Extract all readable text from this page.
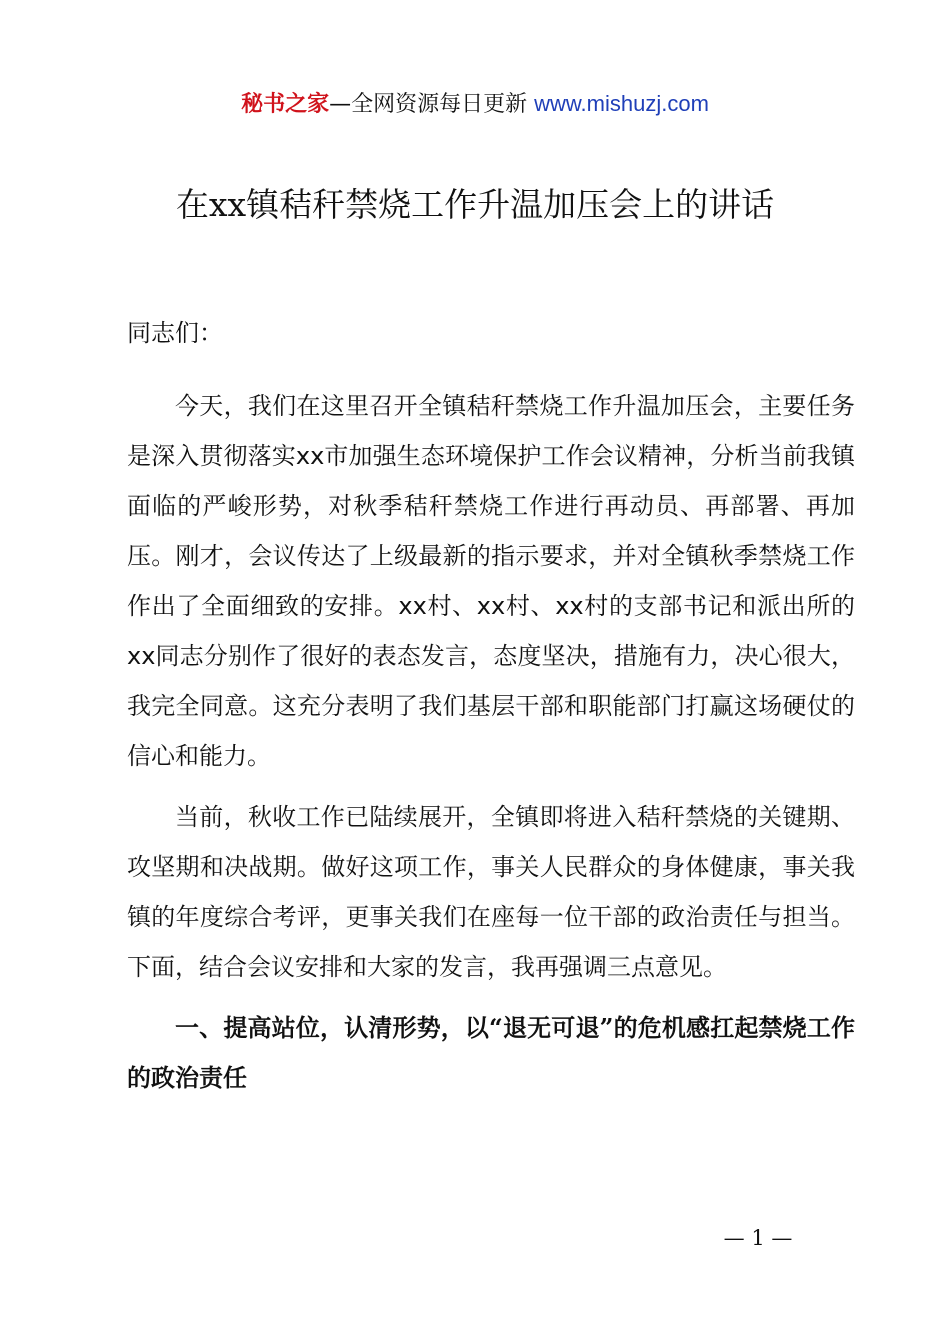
秘书之家—全网资源每日更新 www.mishuzj.com
在xx镇秸秆禁烧工作升温加压会上的讲话

同志们：

今天，我们在这里召开全镇秸秆禁烧工作升温加压会，主要任务是深入贯彻落实xx市加强生态环境保护工作会议精神，分析当前我镇面临的严峻形势，对秋季秸秆禁烧工作进行再动员、再部署、再加压。刚才，会议传达了上级最新的指示要求，并对全镇秋季禁烧工作作出了全面细致的安排。xx村、xx村、xx村的支部书记和派出所的xx同志分别作了很好的表态发言，态度坚决，措施有力，决心很大，我完全同意。这充分表明了我们基层干部和职能部门打赢这场硬仗的信心和能力。

当前，秋收工作已陆续展开，全镇即将进入秸秆禁烧的关键期、攻坚期和决战期。做好这项工作，事关人民群众的身体健康，事关我镇的年度综合考评，更事关我们在座每一位干部的政治责任与担当。下面，结合会议安排和大家的发言，我再强调三点意见。

一、提高站位，认清形势，以“退无可退”的危机感扛起禁烧工作的政治责任

— 1 —
